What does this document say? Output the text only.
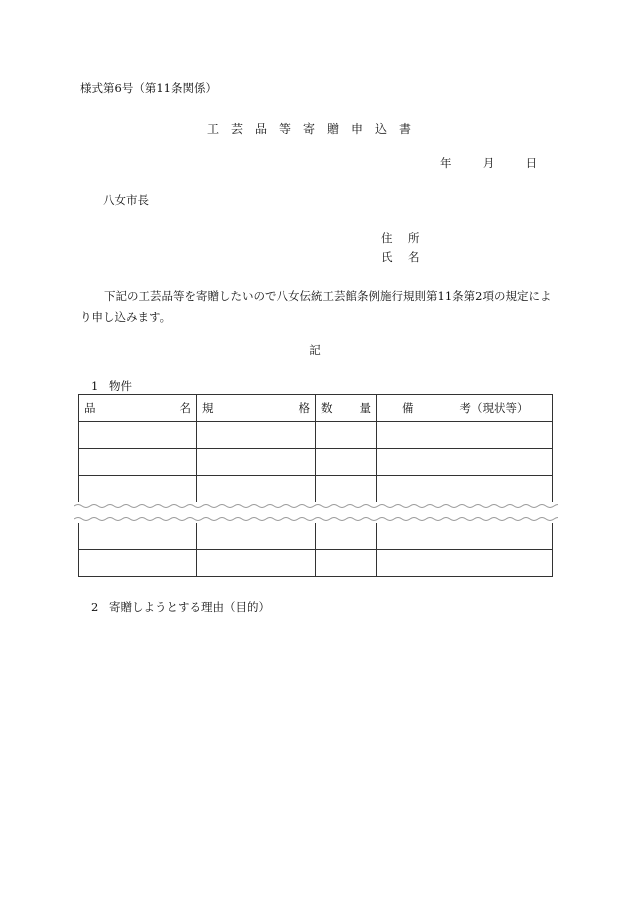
様式第6号（第11条関係）
工芸品等寄贈申込書
年	月	日
八女市長
住　所
氏　名
下記の工芸品等を寄贈したいので八女伝統工芸館条例施行規則第11条第2項の規定により申し込みます。
記
1 物件
品 名	規 格	数 量	備 考（現状等）

2 寄贈しようとする理由（目的）
